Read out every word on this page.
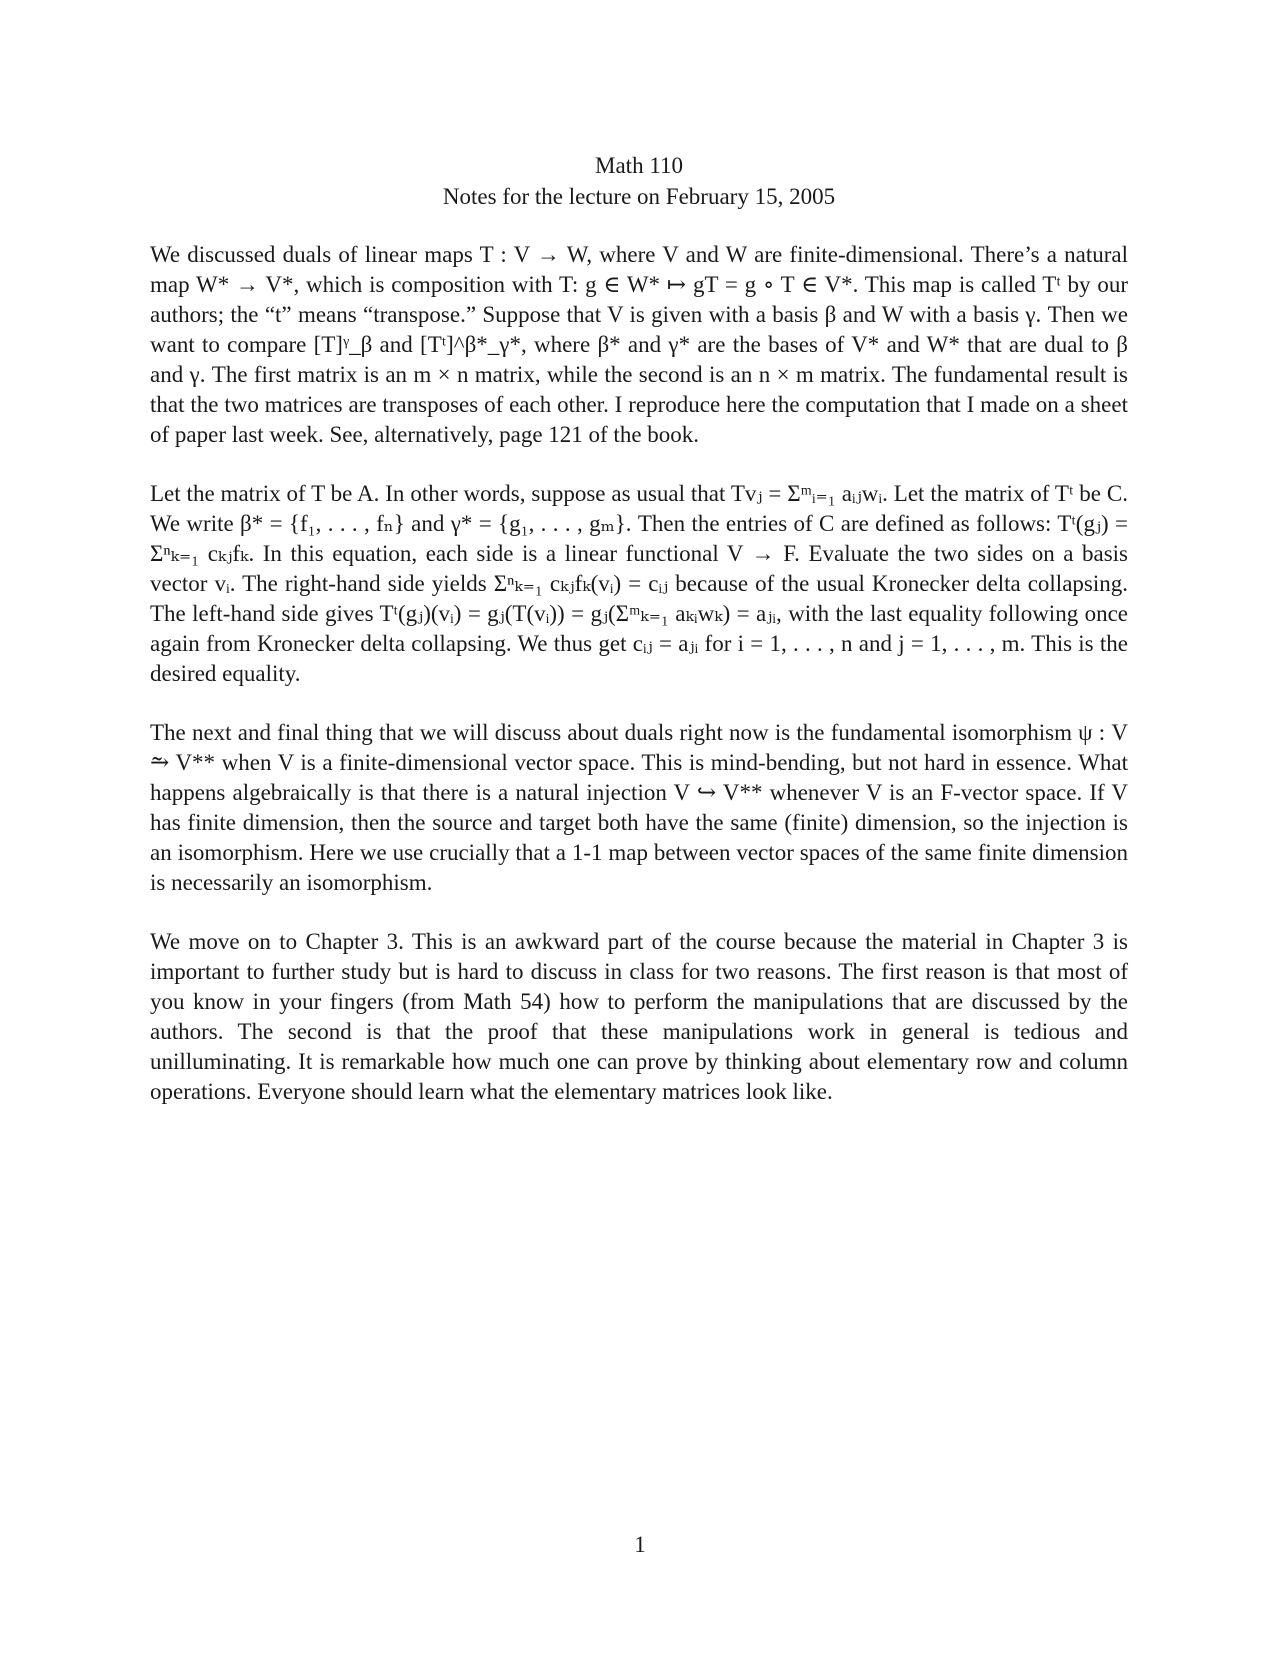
Math 110
Notes for the lecture on February 15, 2005

We discussed duals of linear maps T : V → W, where V and W are finite-dimensional. There’s a natural map W* → V*, which is composition with T: g ∈ W* ↦ gT = g ∘ T ∈ V*. This map is called Tᵗ by our authors; the “t” means “transpose.” Suppose that V is given with a basis β and W with a basis γ. Then we want to compare [T]ᵞ_β and [Tᵗ]^β*_γ*, where β* and γ* are the bases of V* and W* that are dual to β and γ. The first matrix is an m × n matrix, while the second is an n × m matrix. The fundamental result is that the two matrices are transposes of each other. I reproduce here the computation that I made on a sheet of paper last week. See, alternatively, page 121 of the book.

Let the matrix of T be A. In other words, suppose as usual that Tvⱼ = Σᵐᵢ₌₁ aᵢⱼwᵢ. Let the matrix of Tᵗ be C. We write β* = {f₁, . . . , fₙ} and γ* = {g₁, . . . , gₘ}. Then the entries of C are defined as follows: Tᵗ(gⱼ) = Σⁿₖ₌₁ cₖⱼfₖ. In this equation, each side is a linear functional V → F. Evaluate the two sides on a basis vector vᵢ. The right-hand side yields Σⁿₖ₌₁ cₖⱼfₖ(vᵢ) = cᵢⱼ because of the usual Kronecker delta collapsing. The left-hand side gives Tᵗ(gⱼ)(vᵢ) = gⱼ(T(vᵢ)) = gⱼ(Σᵐₖ₌₁ aₖᵢwₖ) = aⱼᵢ, with the last equality following once again from Kronecker delta collapsing. We thus get cᵢⱼ = aⱼᵢ for i = 1, . . . , n and j = 1, . . . , m. This is the desired equality.

The next and final thing that we will discuss about duals right now is the fundamental isomorphism ψ : V ⥲ V** when V is a finite-dimensional vector space. This is mind-bending, but not hard in essence. What happens algebraically is that there is a natural injection V ↪ V** whenever V is an F-vector space. If V has finite dimension, then the source and target both have the same (finite) dimension, so the injection is an isomorphism. Here we use crucially that a 1-1 map between vector spaces of the same finite dimension is necessarily an isomorphism.

We move on to Chapter 3. This is an awkward part of the course because the material in Chapter 3 is important to further study but is hard to discuss in class for two reasons. The first reason is that most of you know in your fingers (from Math 54) how to perform the manipulations that are discussed by the authors. The second is that the proof that these manipulations work in general is tedious and unilluminating. It is remarkable how much one can prove by thinking about elementary row and column operations. Everyone should learn what the elementary matrices look like.

1
